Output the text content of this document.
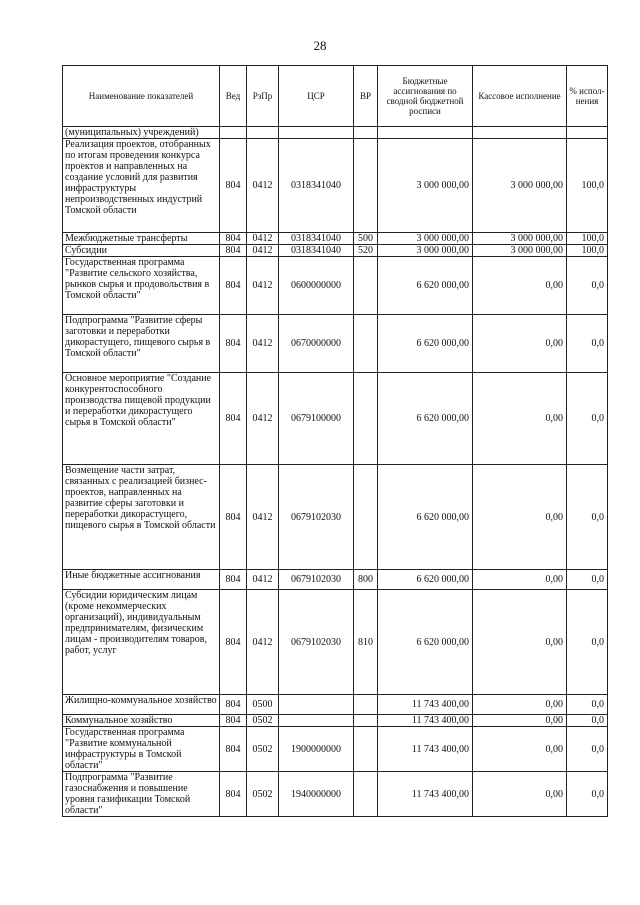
28
Наименование показателей	Вед	РзПр	ЦСР	ВР	Бюджетные ассигнования по сводной бюджетной росписи	Кассовое исполнение	% испол-нения
(муниципальных) учреждений)							
Реализация проектов, отобранных по итогам проведения конкурса проектов и направленных на создание условий для развития инфраструктуры непроизводственных индустрий Томской области	804	0412	0318341040		3 000 000,00	3 000 000,00	100,0
Межбюджетные трансферты	804	0412	0318341040	500	3 000 000,00	3 000 000,00	100,0
Субсидии	804	0412	0318341040	520	3 000 000,00	3 000 000,00	100,0
Государственная программа "Развитие сельского хозяйства, рынков сырья и продовольствия в Томской области"	804	0412	0600000000		6 620 000,00	0,00	0,0
Подпрограмма "Развитие сферы заготовки и переработки дикорастущего, пищевого сырья в Томской области"	804	0412	0670000000		6 620 000,00	0,00	0,0
Основное мероприятие "Создание конкурентоспособного производства пищевой продукции и переработки дикорастущего сырья в Томской области"	804	0412	0679100000		6 620 000,00	0,00	0,0
Возмещение части затрат, связанных с реализацией бизнес-проектов, направленных на развитие сферы заготовки и переработки дикорастущего, пищевого сырья в Томской области	804	0412	0679102030		6 620 000,00	0,00	0,0
Иные бюджетные ассигнования	804	0412	0679102030	800	6 620 000,00	0,00	0,0
Субсидии юридическим лицам (кроме некоммерческих организаций), индивидуальным предпринимателям, физическим лицам - производителям товаров, работ, услуг	804	0412	0679102030	810	6 620 000,00	0,00	0,0
Жилищно-коммунальное хозяйство	804	0500			11 743 400,00	0,00	0,0
Коммунальное хозяйство	804	0502			11 743 400,00	0,00	0,0
Государственная программа "Развитие коммунальной инфраструктуры в Томской области"	804	0502	1900000000		11 743 400,00	0,00	0,0
Подпрограмма "Развитие газоснабжения и повышение уровня газификации Томской области"	804	0502	1940000000		11 743 400,00	0,00	0,0
